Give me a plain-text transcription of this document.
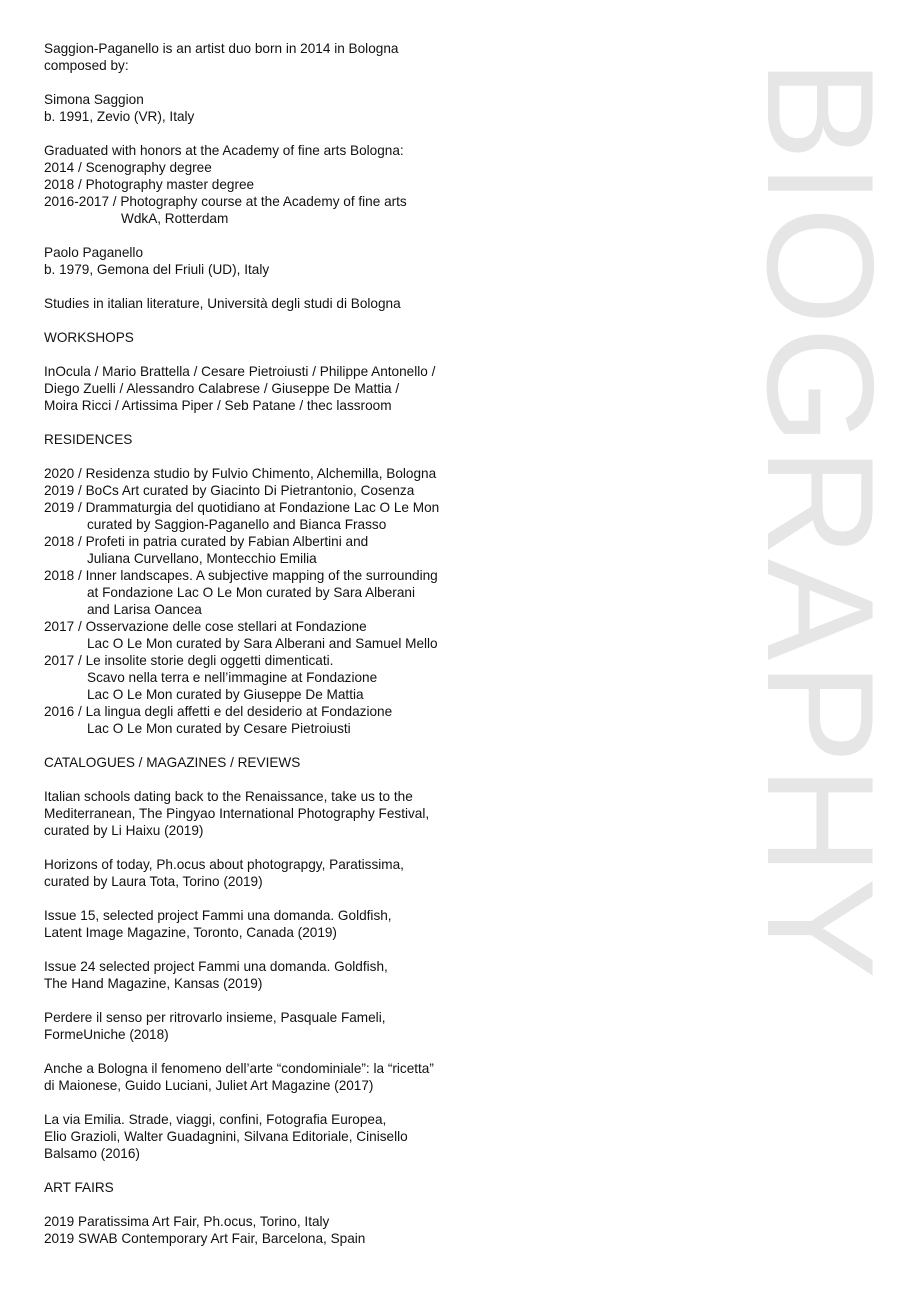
Saggion-Paganello is an artist duo born in 2014 in Bologna
composed by:
Simona Saggion
b. 1991, Zevio (VR), Italy
Graduated with honors at the Academy of fine arts Bologna:
2014 / Scenography degree
2018 / Photography master degree
2016-2017 / Photography course at the Academy of fine arts
WdkA, Rotterdam
Paolo Paganello
b. 1979, Gemona del Friuli (UD), Italy
Studies in italian literature, Università degli studi di Bologna
WORKSHOPS
InOcula / Mario Brattella / Cesare Pietroiusti / Philippe Antonello /
Diego Zuelli / Alessandro Calabrese / Giuseppe De Mattia /
Moira Ricci / Artissima Piper / Seb Patane / thec lassroom
RESIDENCES
2020 / Residenza studio by Fulvio Chimento, Alchemilla, Bologna
2019 / BoCs Art curated by Giacinto Di Pietrantonio, Cosenza
2019 / Drammaturgia del quotidiano at Fondazione Lac O Le Mon
curated by Saggion-Paganello and Bianca Frasso
2018 / Profeti in patria curated by Fabian Albertini and
Juliana Curvellano, Montecchio Emilia
2018 / Inner landscapes. A subjective mapping of the surrounding
at Fondazione Lac O Le Mon curated by Sara Alberani
and Larisa Oancea
2017 / Osservazione delle cose stellari at Fondazione
Lac O Le Mon curated by Sara Alberani and Samuel Mello
2017 / Le insolite storie degli oggetti dimenticati.
Scavo nella terra e nell’immagine at Fondazione
Lac O Le Mon curated by Giuseppe De Mattia
2016 / La lingua degli affetti e del desiderio at Fondazione
Lac O Le Mon curated by Cesare Pietroiusti
CATALOGUES / MAGAZINES / REVIEWS
Italian schools dating back to the Renaissance, take us to the
Mediterranean, The Pingyao International Photography Festival,
curated by Li Haixu (2019)
Horizons of today, Ph.ocus about photograpgy, Paratissima,
curated by Laura Tota, Torino (2019)
Issue 15, selected project Fammi una domanda. Goldfish,
Latent Image Magazine, Toronto, Canada (2019)
Issue 24 selected project Fammi una domanda. Goldfish,
The Hand Magazine, Kansas (2019)
Perdere il senso per ritrovarlo insieme, Pasquale Fameli,
FormeUniche (2018)
Anche a Bologna il fenomeno dell’arte “condominiale”: la “ricetta”
di Maionese, Guido Luciani, Juliet Art Magazine (2017)
La via Emilia. Strade, viaggi, confini, Fotografia Europea,
Elio Grazioli, Walter Guadagnini, Silvana Editoriale, Cinisello
Balsamo (2016)
ART FAIRS
2019 Paratissima Art Fair, Ph.ocus, Torino, Italy
2019 SWAB Contemporary Art Fair, Barcelona, Spain
BIOGRAPHY
